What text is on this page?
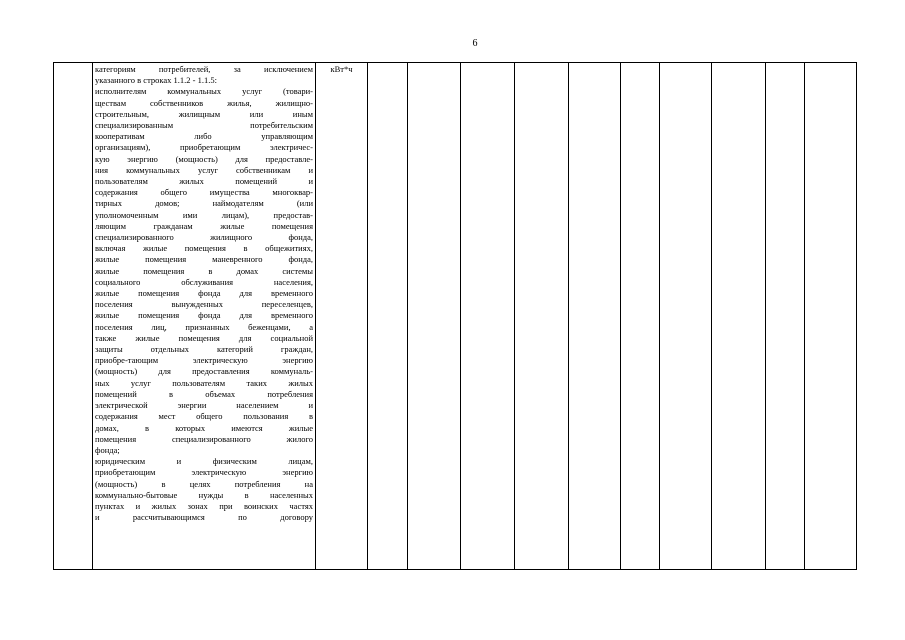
6

категориям потребителей, за исключением
указанного в строках 1.1.2 - 1.1.5:
исполнителям коммунальных услуг (товари-
ществам собственников жилья, жилищно-
строительным, жилищным или иным
специализированным потребительским
кооперативам либо управляющим
организациям), приобретающим электричес-
кую энергию (мощность) для предоставле-
ния коммунальных услуг собственникам и
пользователям жилых помещений и
содержания общего имущества многоквар-
тирных домов; наймодателям (или
уполномоченным ими лицам), предостав-
ляющим гражданам жилые помещения
специализированного жилищного фонда,
включая жилые помещения в общежитиях,
жилые помещения маневренного фонда,
жилые помещения в домах системы
социального обслуживания населения,
жилые помещения фонда для временного
поселения вынужденных переселенцев,
жилые помещения фонда для временного
поселения лиц, признанных беженцами, а
также жилые помещения для социальной
защиты отдельных категорий граждан,
приобре-тающим электрическую энергию
(мощность) для предоставления коммуналь-
ных услуг пользователям таких жилых
помещений в объемах потребления
электрической энергии населением и
содержания мест общего пользования в
домах, в которых имеются жилые
помещения специализированного жилого
фонда;
юридическим и физическим лицам,
приобретающим электрическую энергию
(мощность) в целях потребления на
коммунально-бытовые нужды в населенных
пунктах и жилых зонах при воинских частях
и рассчитывающимся по договору
	кВт*ч										
